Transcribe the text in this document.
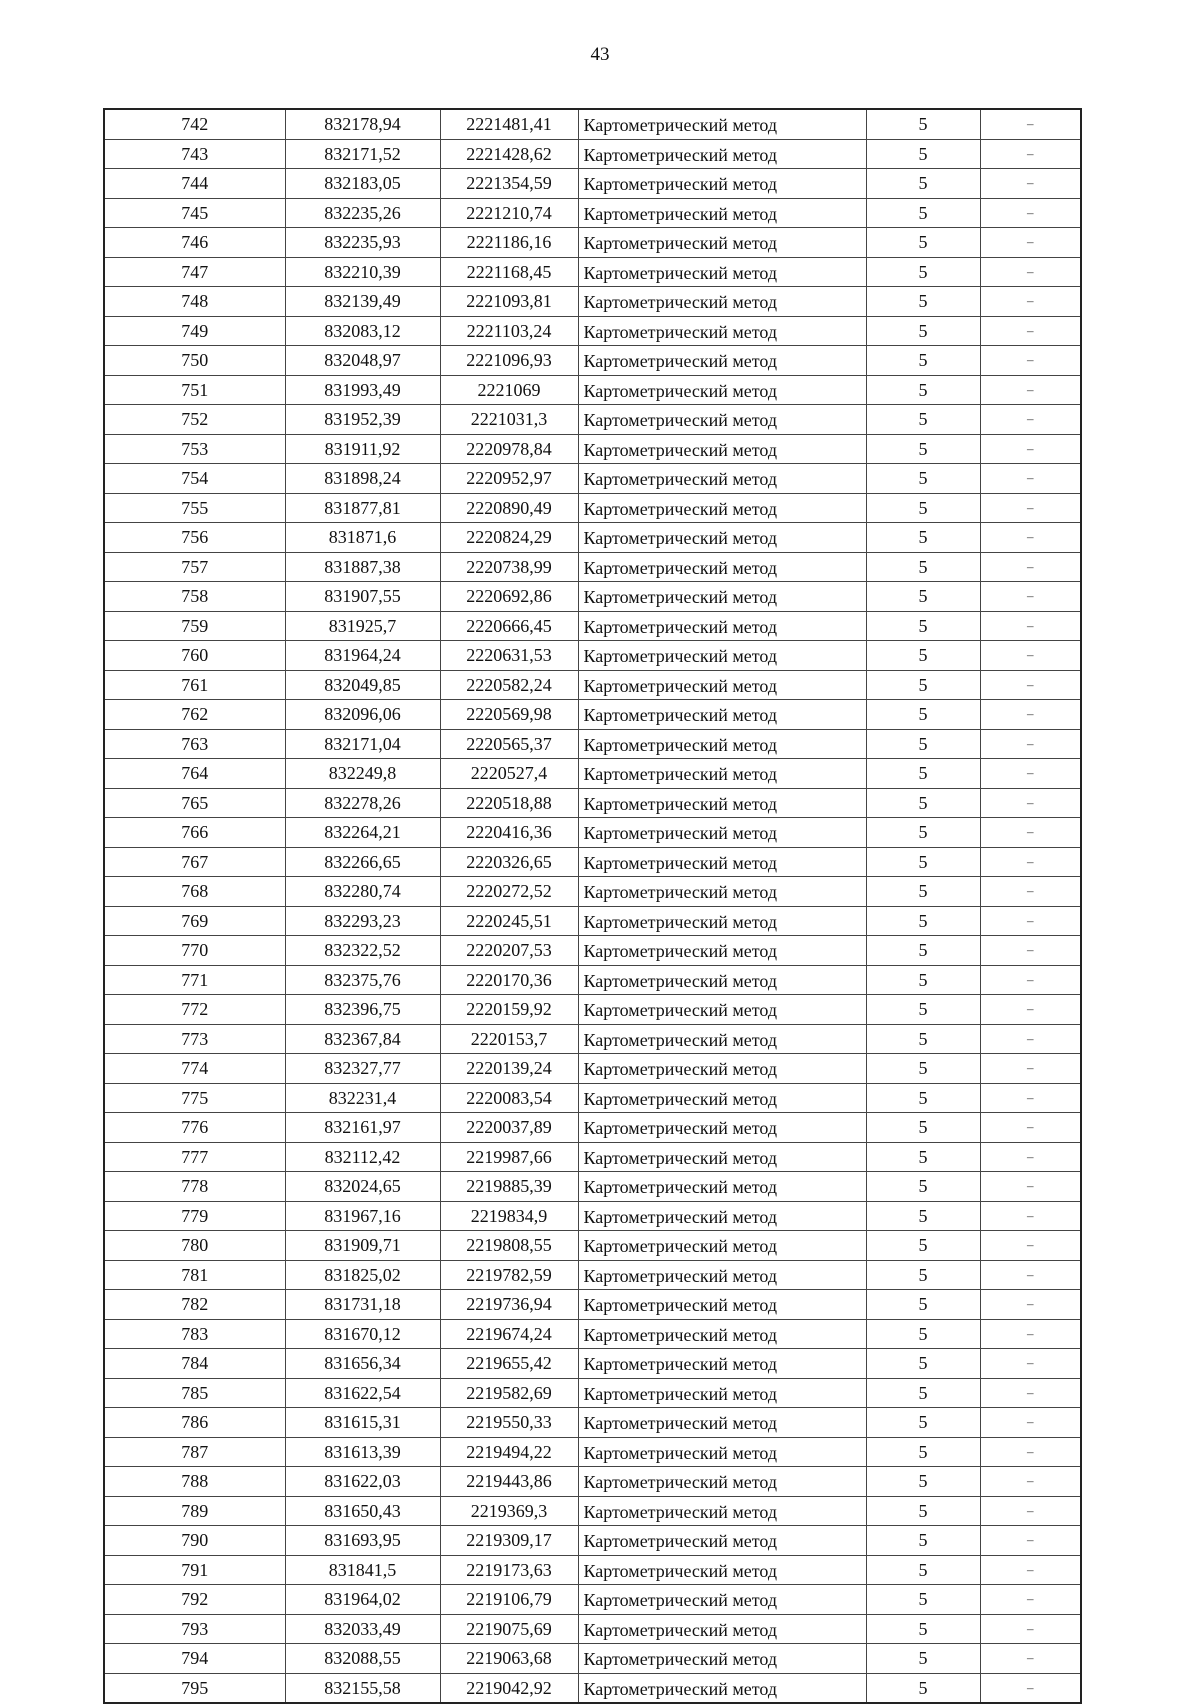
43
742	832178,94	2221481,41	Картометрический метод	5	–
743	832171,52	2221428,62	Картометрический метод	5	–
744	832183,05	2221354,59	Картометрический метод	5	–
745	832235,26	2221210,74	Картометрический метод	5	–
746	832235,93	2221186,16	Картометрический метод	5	–
747	832210,39	2221168,45	Картометрический метод	5	–
748	832139,49	2221093,81	Картометрический метод	5	–
749	832083,12	2221103,24	Картометрический метод	5	–
750	832048,97	2221096,93	Картометрический метод	5	–
751	831993,49	2221069	Картометрический метод	5	–
752	831952,39	2221031,3	Картометрический метод	5	–
753	831911,92	2220978,84	Картометрический метод	5	–
754	831898,24	2220952,97	Картометрический метод	5	–
755	831877,81	2220890,49	Картометрический метод	5	–
756	831871,6	2220824,29	Картометрический метод	5	–
757	831887,38	2220738,99	Картометрический метод	5	–
758	831907,55	2220692,86	Картометрический метод	5	–
759	831925,7	2220666,45	Картометрический метод	5	–
760	831964,24	2220631,53	Картометрический метод	5	–
761	832049,85	2220582,24	Картометрический метод	5	–
762	832096,06	2220569,98	Картометрический метод	5	–
763	832171,04	2220565,37	Картометрический метод	5	–
764	832249,8	2220527,4	Картометрический метод	5	–
765	832278,26	2220518,88	Картометрический метод	5	–
766	832264,21	2220416,36	Картометрический метод	5	–
767	832266,65	2220326,65	Картометрический метод	5	–
768	832280,74	2220272,52	Картометрический метод	5	–
769	832293,23	2220245,51	Картометрический метод	5	–
770	832322,52	2220207,53	Картометрический метод	5	–
771	832375,76	2220170,36	Картометрический метод	5	–
772	832396,75	2220159,92	Картометрический метод	5	–
773	832367,84	2220153,7	Картометрический метод	5	–
774	832327,77	2220139,24	Картометрический метод	5	–
775	832231,4	2220083,54	Картометрический метод	5	–
776	832161,97	2220037,89	Картометрический метод	5	–
777	832112,42	2219987,66	Картометрический метод	5	–
778	832024,65	2219885,39	Картометрический метод	5	–
779	831967,16	2219834,9	Картометрический метод	5	–
780	831909,71	2219808,55	Картометрический метод	5	–
781	831825,02	2219782,59	Картометрический метод	5	–
782	831731,18	2219736,94	Картометрический метод	5	–
783	831670,12	2219674,24	Картометрический метод	5	–
784	831656,34	2219655,42	Картометрический метод	5	–
785	831622,54	2219582,69	Картометрический метод	5	–
786	831615,31	2219550,33	Картометрический метод	5	–
787	831613,39	2219494,22	Картометрический метод	5	–
788	831622,03	2219443,86	Картометрический метод	5	–
789	831650,43	2219369,3	Картометрический метод	5	–
790	831693,95	2219309,17	Картометрический метод	5	–
791	831841,5	2219173,63	Картометрический метод	5	–
792	831964,02	2219106,79	Картометрический метод	5	–
793	832033,49	2219075,69	Картометрический метод	5	–
794	832088,55	2219063,68	Картометрический метод	5	–
795	832155,58	2219042,92	Картометрический метод	5	–
